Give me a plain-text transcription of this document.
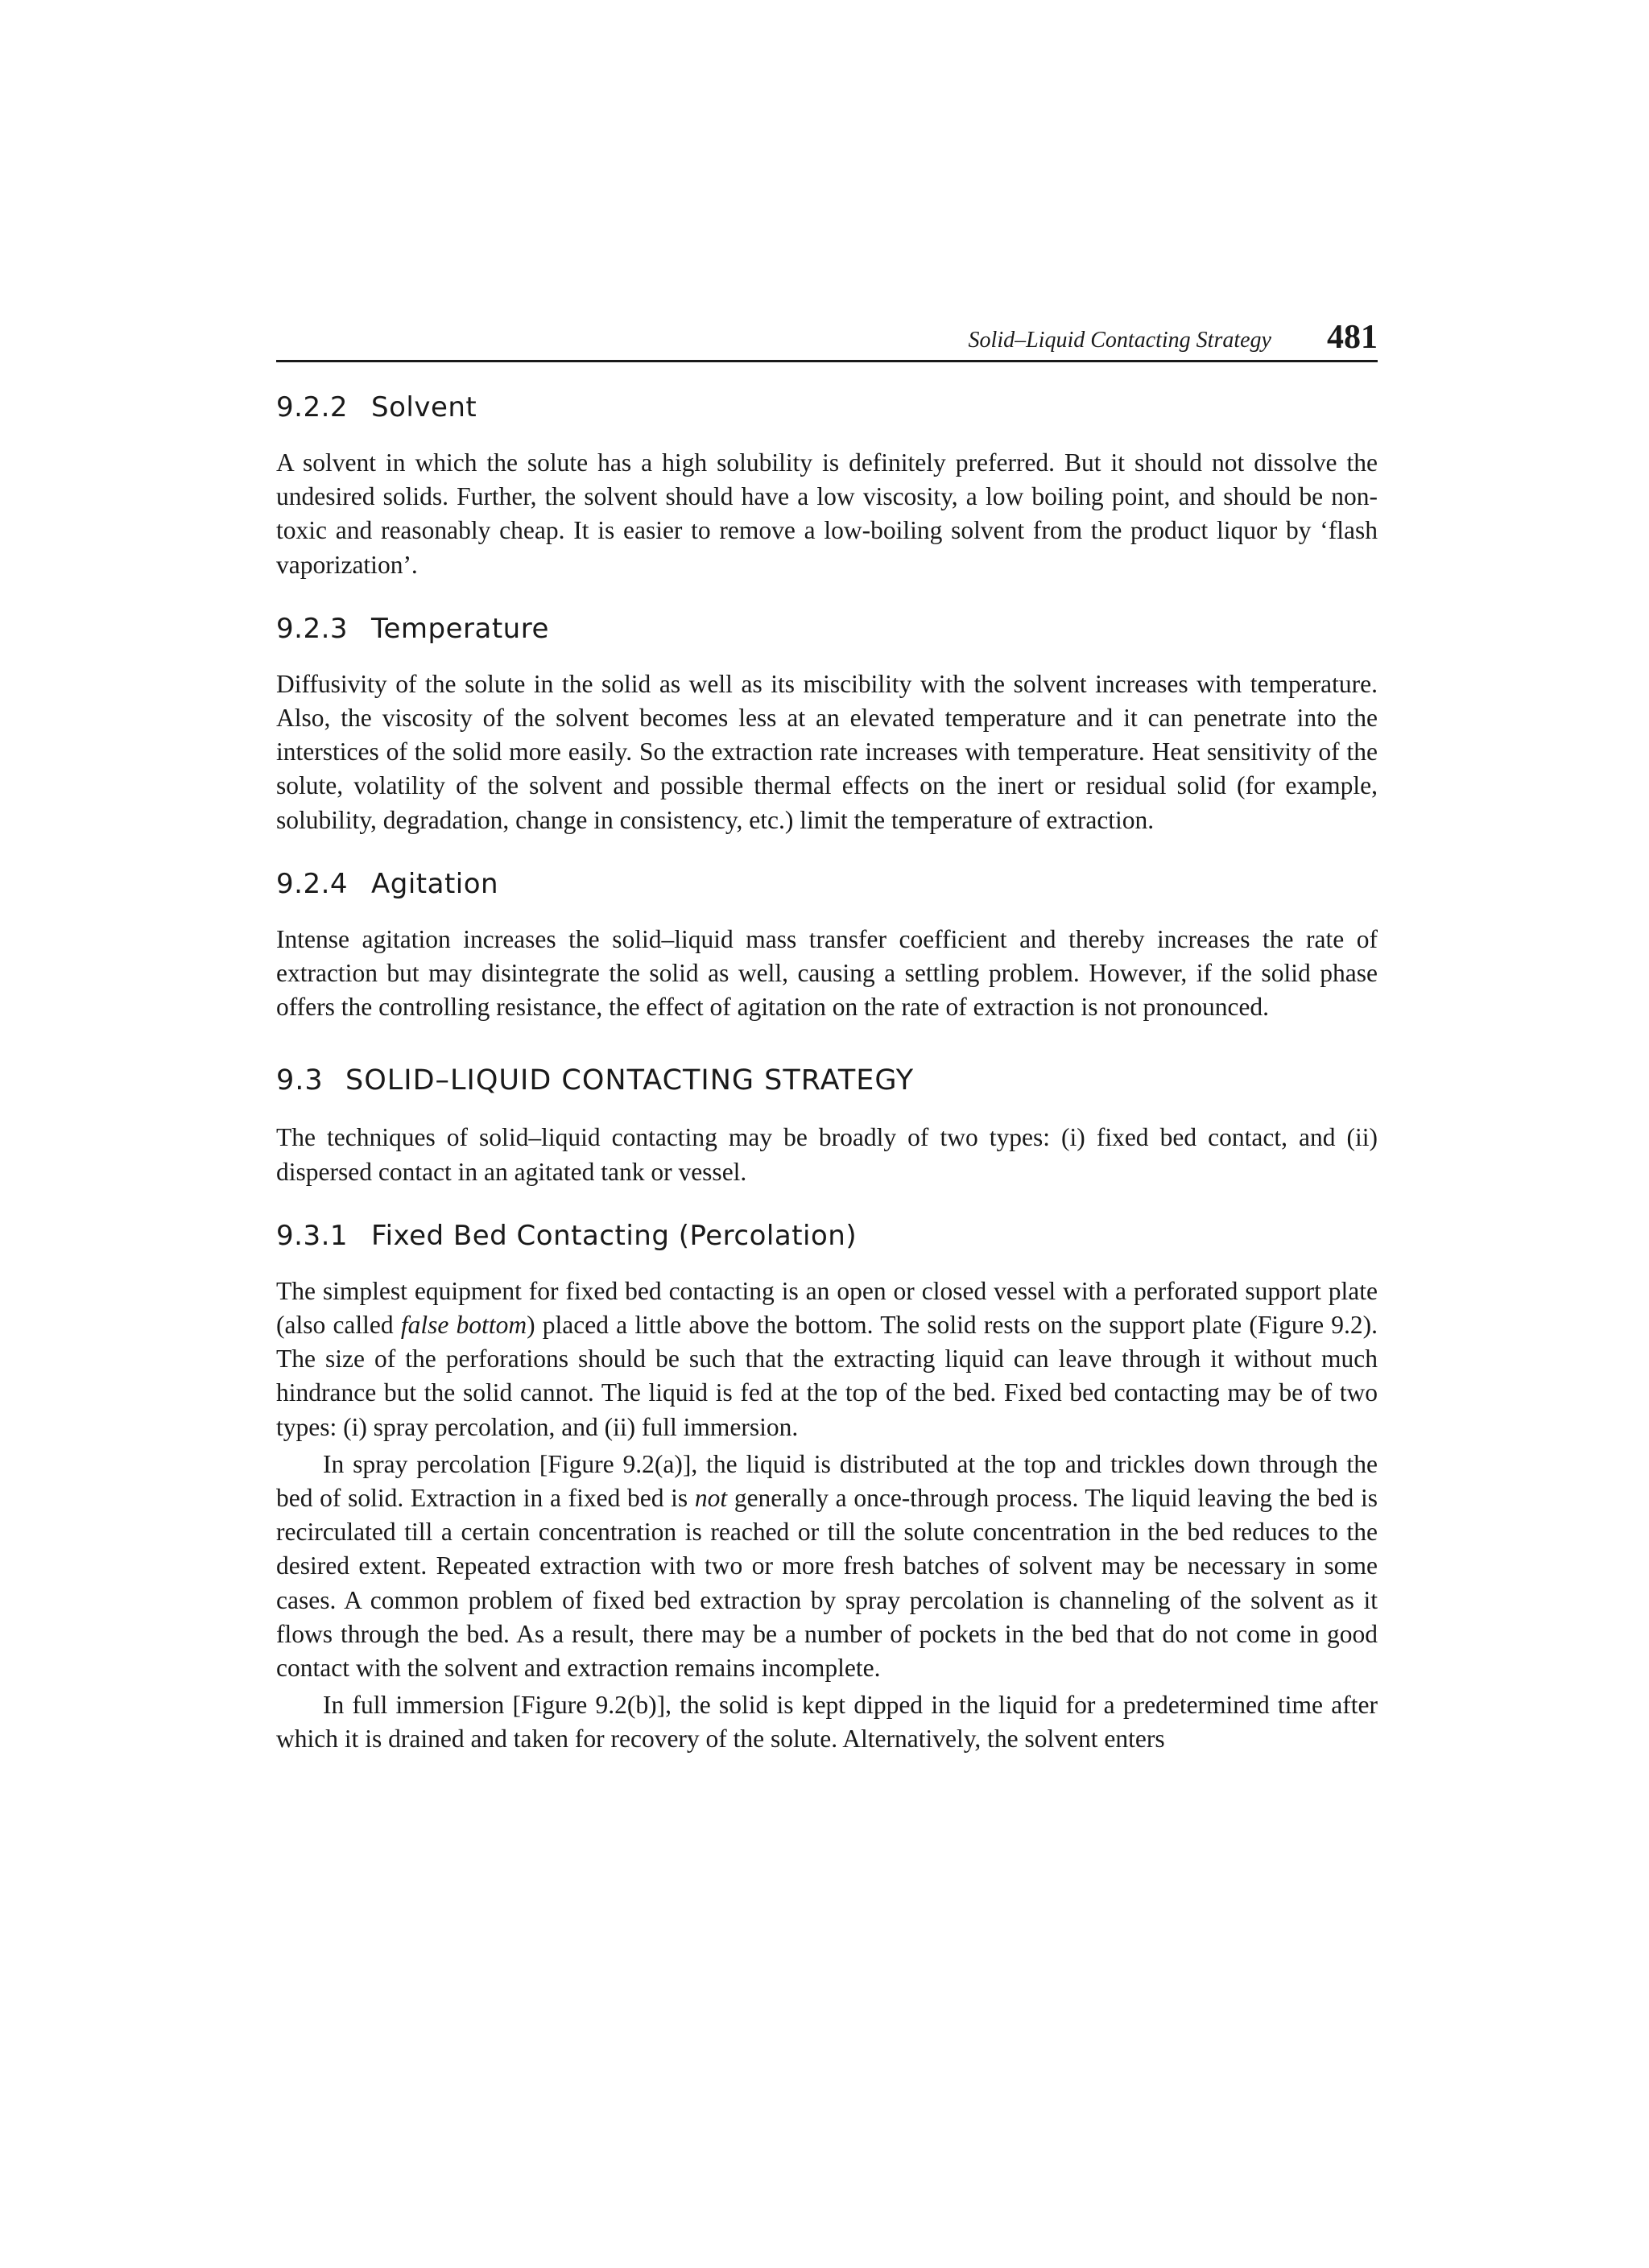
Solid–Liquid Contacting Strategy 481
9.2.2 Solvent

A solvent in which the solute has a high solubility is definitely preferred. But it should not dissolve the undesired solids. Further, the solvent should have a low viscosity, a low boiling point, and should be non-toxic and reasonably cheap. It is easier to remove a low-boiling solvent from the product liquor by ‘flash vaporization’.

9.2.3 Temperature

Diffusivity of the solute in the solid as well as its miscibility with the solvent increases with temperature. Also, the viscosity of the solvent becomes less at an elevated temperature and it can penetrate into the interstices of the solid more easily. So the extraction rate increases with temperature. Heat sensitivity of the solute, volatility of the solvent and possible thermal effects on the inert or residual solid (for example, solubility, degradation, change in consistency, etc.) limit the temperature of extraction.

9.2.4 Agitation

Intense agitation increases the solid–liquid mass transfer coefficient and thereby increases the rate of extraction but may disintegrate the solid as well, causing a settling problem. However, if the solid phase offers the controlling resistance, the effect of agitation on the rate of extraction is not pronounced.

9.3 SOLID–LIQUID CONTACTING STRATEGY

The techniques of solid–liquid contacting may be broadly of two types: (i) fixed bed contact, and (ii) dispersed contact in an agitated tank or vessel.

9.3.1 Fixed Bed Contacting (Percolation)

The simplest equipment for fixed bed contacting is an open or closed vessel with a perforated support plate (also called false bottom) placed a little above the bottom. The solid rests on the support plate (Figure 9.2). The size of the perforations should be such that the extracting liquid can leave through it without much hindrance but the solid cannot. The liquid is fed at the top of the bed. Fixed bed contacting may be of two types: (i) spray percolation, and (ii) full immersion.

In spray percolation [Figure 9.2(a)], the liquid is distributed at the top and trickles down through the bed of solid. Extraction in a fixed bed is not generally a once-through process. The liquid leaving the bed is recirculated till a certain concentration is reached or till the solute concentration in the bed reduces to the desired extent. Repeated extraction with two or more fresh batches of solvent may be necessary in some cases. A common problem of fixed bed extraction by spray percolation is channeling of the solvent as it flows through the bed. As a result, there may be a number of pockets in the bed that do not come in good contact with the solvent and extraction remains incomplete.

In full immersion [Figure 9.2(b)], the solid is kept dipped in the liquid for a predetermined time after which it is drained and taken for recovery of the solute. Alternatively, the solvent enters
